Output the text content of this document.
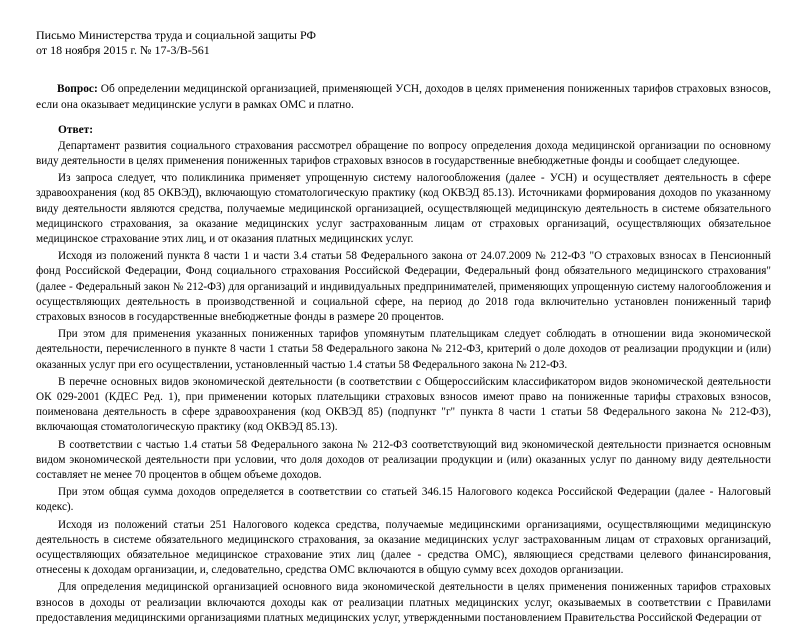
Письмо Министерства труда и социальной защиты РФ

от 18 ноября 2015 г. № 17-3/В-561

Вопрос: Об определении медицинской организацией, применяющей УСН, доходов в целях применения пониженных тарифов страховых взносов, если она оказывает медицинские услуги в рамках ОМС и платно.
Ответ:

Департамент развития социального страхования рассмотрел обращение по вопросу определения дохода медицинской организации по основному виду деятельности в целях применения пониженных тарифов страховых взносов в государственные внебюджетные фонды и сообщает следующее.

Из запроса следует, что поликлиника применяет упрощенную систему налогообложения (далее - УСН) и осуществляет деятельность в сфере здравоохранения (код 85 ОКВЭД), включающую стоматологическую практику (код ОКВЭД 85.13). Источниками формирования доходов по указанному виду деятельности являются средства, получаемые медицинской организацией, осуществляющей медицинскую деятельность в системе обязательного медицинского страхования, за оказание медицинских услуг застрахованным лицам от страховых организаций, осуществляющих обязательное медицинское страхование этих лиц, и от оказания платных медицинских услуг.

Исходя из положений пункта 8 части 1 и части 3.4 статьи 58 Федерального закона от 24.07.2009 № 212-ФЗ "О страховых взносах в Пенсионный фонд Российской Федерации, Фонд социального страхования Российской Федерации, Федеральный фонд обязательного медицинского страхования" (далее - Федеральный закон № 212-ФЗ) для организаций и индивидуальных предпринимателей, применяющих упрощенную систему налогообложения и осуществляющих деятельность в производственной и социальной сфере, на период до 2018 года включительно установлен пониженный тариф страховых взносов в государственные внебюджетные фонды в размере 20 процентов.

При этом для применения указанных пониженных тарифов упомянутым плательщикам следует соблюдать в отношении вида экономической деятельности, перечисленного в пункте 8 части 1 статьи 58 Федерального закона № 212-ФЗ, критерий о доле доходов от реализации продукции и (или) оказанных услуг при его осуществлении, установленный частью 1.4 статьи 58 Федерального закона № 212-ФЗ.

В перечне основных видов экономической деятельности (в соответствии с Общероссийским классификатором видов экономической деятельности ОК 029-2001 (КДЕС Ред. 1), при применении которых плательщики страховых взносов имеют право на пониженные тарифы страховых взносов, поименована деятельность в сфере здравоохранения (код ОКВЭД 85) (подпункт "г" пункта 8 части 1 статьи 58 Федерального закона № 212-ФЗ), включающая стоматологическую практику (код ОКВЭД 85.13).

В соответствии с частью 1.4 статьи 58 Федерального закона № 212-ФЗ соответствующий вид экономической деятельности признается основным видом экономической деятельности при условии, что доля доходов от реализации продукции и (или) оказанных услуг по данному виду деятельности составляет не менее 70 процентов в общем объеме доходов.

При этом общая сумма доходов определяется в соответствии со статьей 346.15 Налогового кодекса Российской Федерации (далее - Налоговый кодекс).

Исходя из положений статьи 251 Налогового кодекса средства, получаемые медицинскими организациями, осуществляющими медицинскую деятельность в системе обязательного медицинского страхования, за оказание медицинских услуг застрахованным лицам от страховых организаций, осуществляющих обязательное медицинское страхование этих лиц (далее - средства ОМС), являющиеся средствами целевого финансирования, отнесены к доходам организации, и, следовательно, средства ОМС включаются в общую сумму всех доходов организации.

Для определения медицинской организацией основного вида экономической деятельности в целях применения пониженных тарифов страховых взносов в доходы от реализации включаются доходы как от реализации платных медицинских услуг, оказываемых в соответствии с Правилами предоставления медицинскими организациями платных медицинских услуг, утвержденными постановлением Правительства Российской Федерации от
